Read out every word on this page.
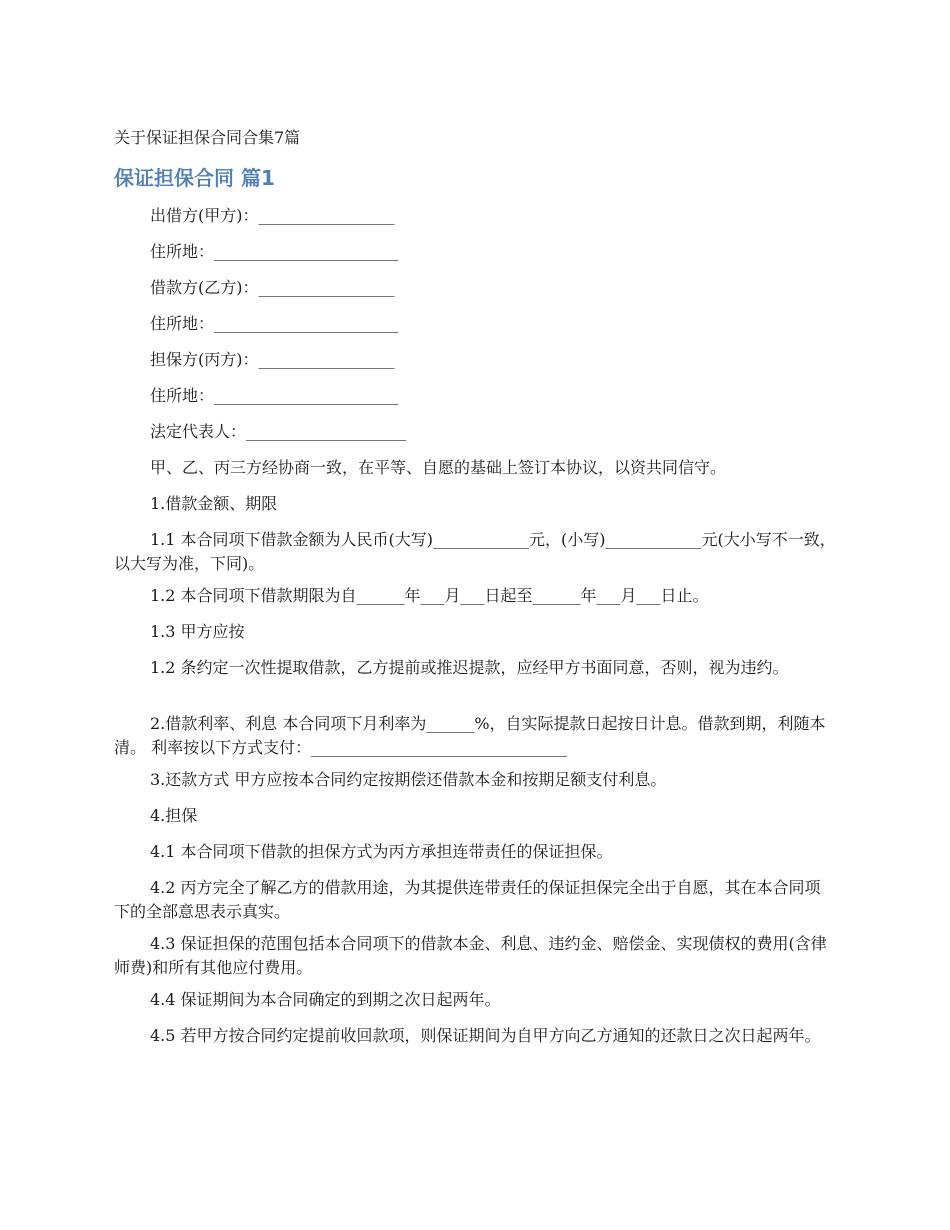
关于保证担保合同合集7篇
保证担保合同 篇1
出借方(甲方)：_________________
住所地：_______________________
借款方(乙方)：_________________
住所地：_______________________
担保方(丙方)：_________________
住所地：_______________________
法定代表人：____________________
甲、乙、丙三方经协商一致，在平等、自愿的基础上签订本协议，以资共同信守。
1.借款金额、期限
1.1 本合同项下借款金额为人民币(大写)____________元，(小写)____________元(大小写不一致，以大写为准，下同)。
1.2 本合同项下借款期限为自______年___月___日起至______年___月___日止。
1.3 甲方应按
1.2 条约定一次性提取借款，乙方提前或推迟提款，应经甲方书面同意，否则，视为违约。
2.借款利率、利息 本合同项下月利率为______%，自实际提款日起按日计息。借款到期，利随本清。 利率按以下方式支付：________________________________
3.还款方式 甲方应按本合同约定按期偿还借款本金和按期足额支付利息。
4.担保
4.1 本合同项下借款的担保方式为丙方承担连带责任的保证担保。
4.2 丙方完全了解乙方的借款用途，为其提供连带责任的保证担保完全出于自愿，其在本合同项下的全部意思表示真实。
4.3 保证担保的范围包括本合同项下的借款本金、利息、违约金、赔偿金、实现债权的费用(含律师费)和所有其他应付费用。
4.4 保证期间为本合同确定的到期之次日起两年。
4.5 若甲方按合同约定提前收回款项，则保证期间为自甲方向乙方通知的还款日之次日起两年。
